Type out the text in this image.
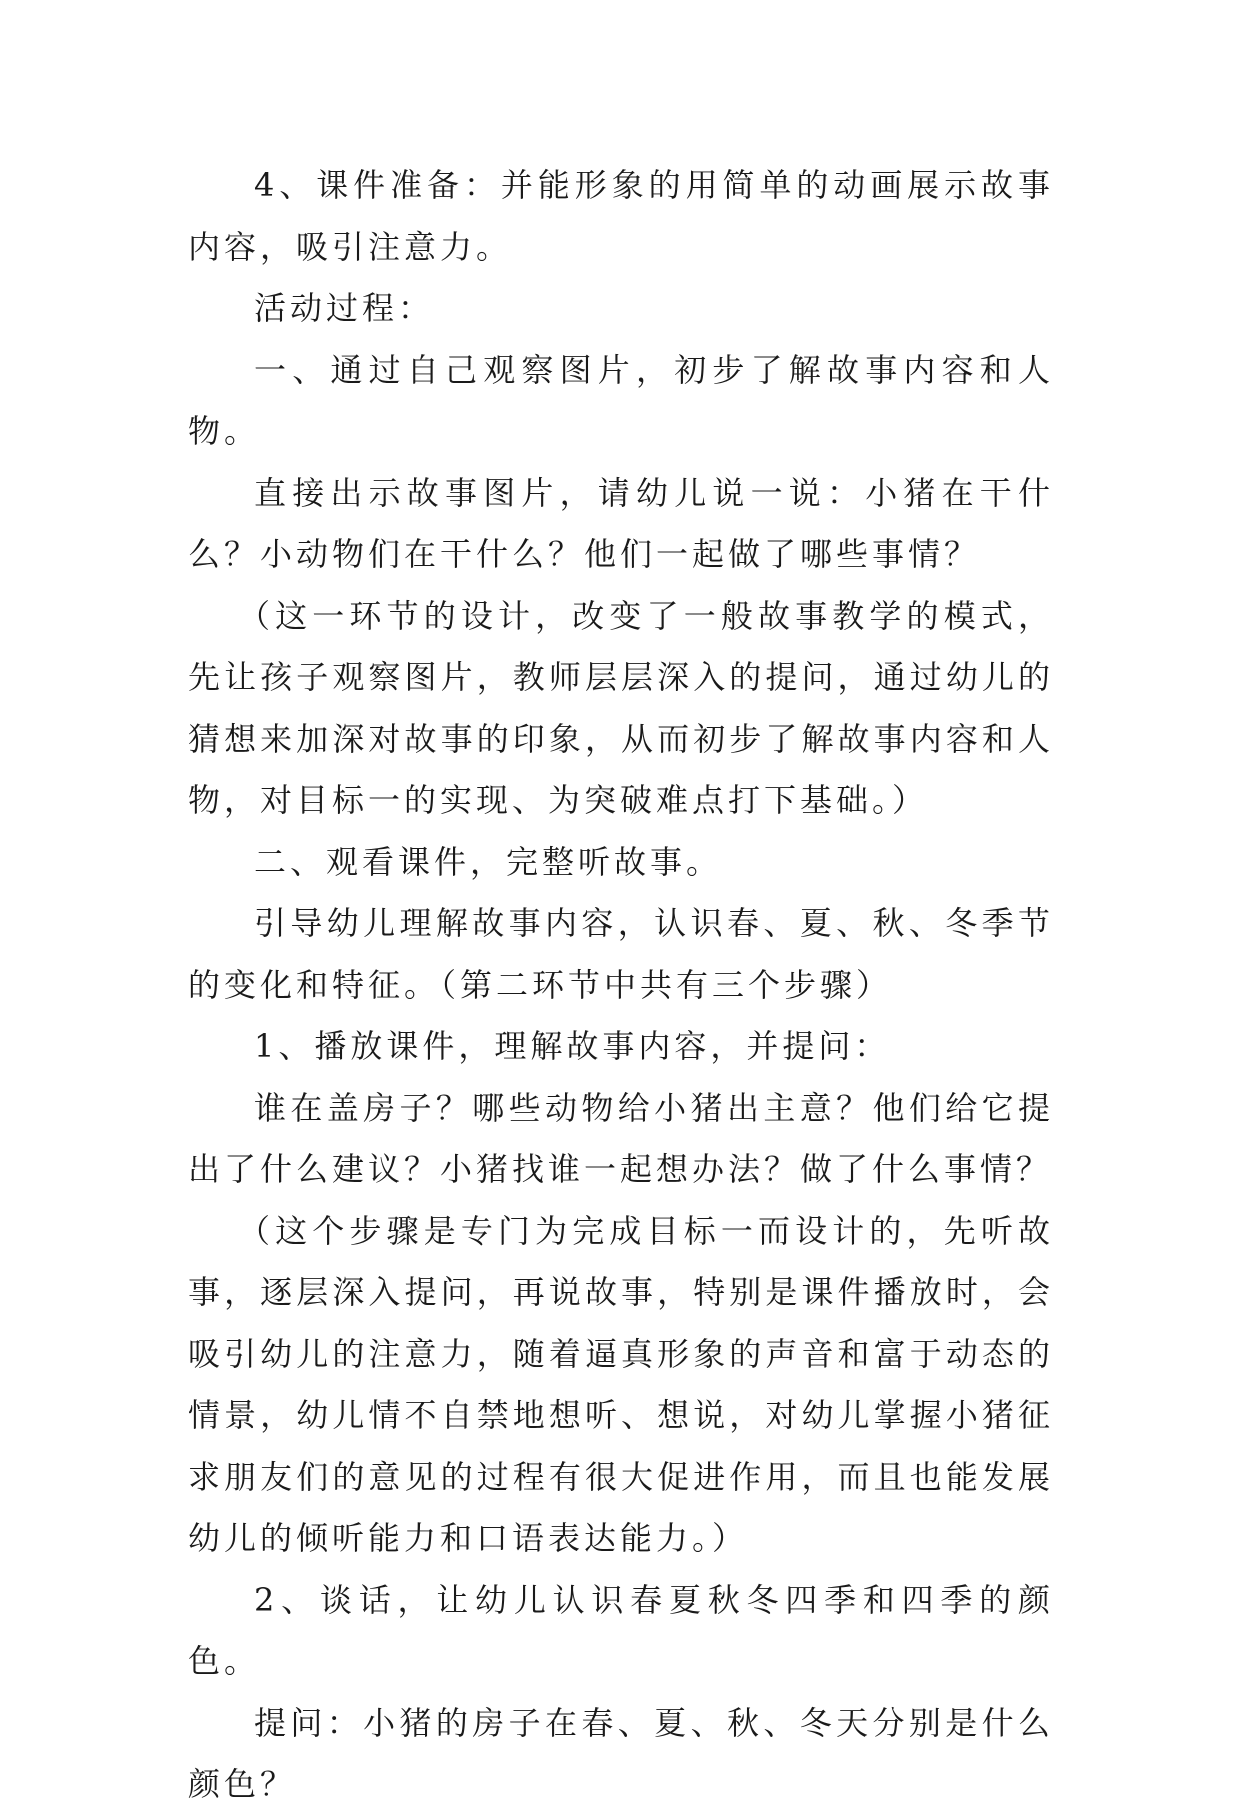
4、课件准备：并能形象的用简单的动画展示故事内容，吸引注意力。

活动过程：

一、通过自己观察图片，初步了解故事内容和人物。

直接出示故事图片，请幼儿说一说：小猪在干什么？小动物们在干什么？他们一起做了哪些事情？

（这一环节的设计，改变了一般故事教学的模式，先让孩子观察图片，教师层层深入的提问，通过幼儿的猜想来加深对故事的印象，从而初步了解故事内容和人物，对目标一的实现、为突破难点打下基础。）

二、观看课件，完整听故事。

引导幼儿理解故事内容，认识春、夏、秋、冬季节的变化和特征。（第二环节中共有三个步骤）

1、播放课件，理解故事内容，并提问：

谁在盖房子？哪些动物给小猪出主意？他们给它提出了什么建议？小猪找谁一起想办法？做了什么事情？

（这个步骤是专门为完成目标一而设计的，先听故事，逐层深入提问，再说故事，特别是课件播放时，会吸引幼儿的注意力，随着逼真形象的声音和富于动态的情景，幼儿情不自禁地想听、想说，对幼儿掌握小猪征求朋友们的意见的过程有很大促进作用，而且也能发展幼儿的倾听能力和口语表达能力。）

2、谈话，让幼儿认识春夏秋冬四季和四季的颜色。

提问：小猪的房子在春、夏、秋、冬天分别是什么颜色？
